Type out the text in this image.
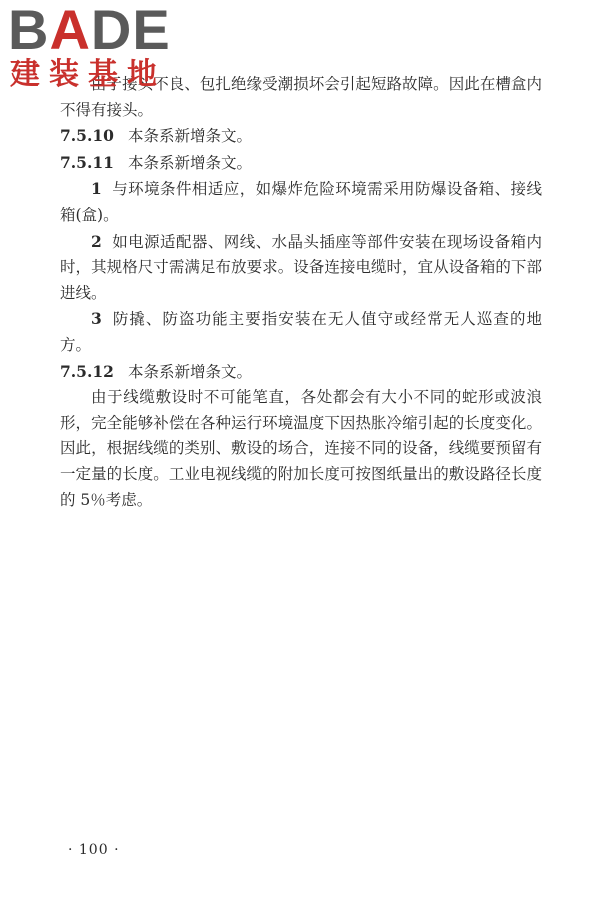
BADE
建装基地

由于接头不良、包扎绝缘受潮损坏会引起短路故障。因此在槽盒内不得有接头。

7.5.10 本条系新增条文。

7.5.11 本条系新增条文。

1 与环境条件相适应，如爆炸危险环境需采用防爆设备箱、接线箱(盒)。

2 如电源适配器、网线、水晶头插座等部件安装在现场设备箱内时，其规格尺寸需满足布放要求。设备连接电缆时，宜从设备箱的下部进线。

3 防撬、防盗功能主要指安装在无人值守或经常无人巡查的地方。

7.5.12 本条系新增条文。

由于线缆敷设时不可能笔直，各处都会有大小不同的蛇形或波浪形，完全能够补偿在各种运行环境温度下因热胀冷缩引起的长度变化。因此，根据线缆的类别、敷设的场合，连接不同的设备，线缆要预留有一定量的长度。工业电视线缆的附加长度可按图纸量出的敷设路径长度的 5％考虑。

· 100 ·
